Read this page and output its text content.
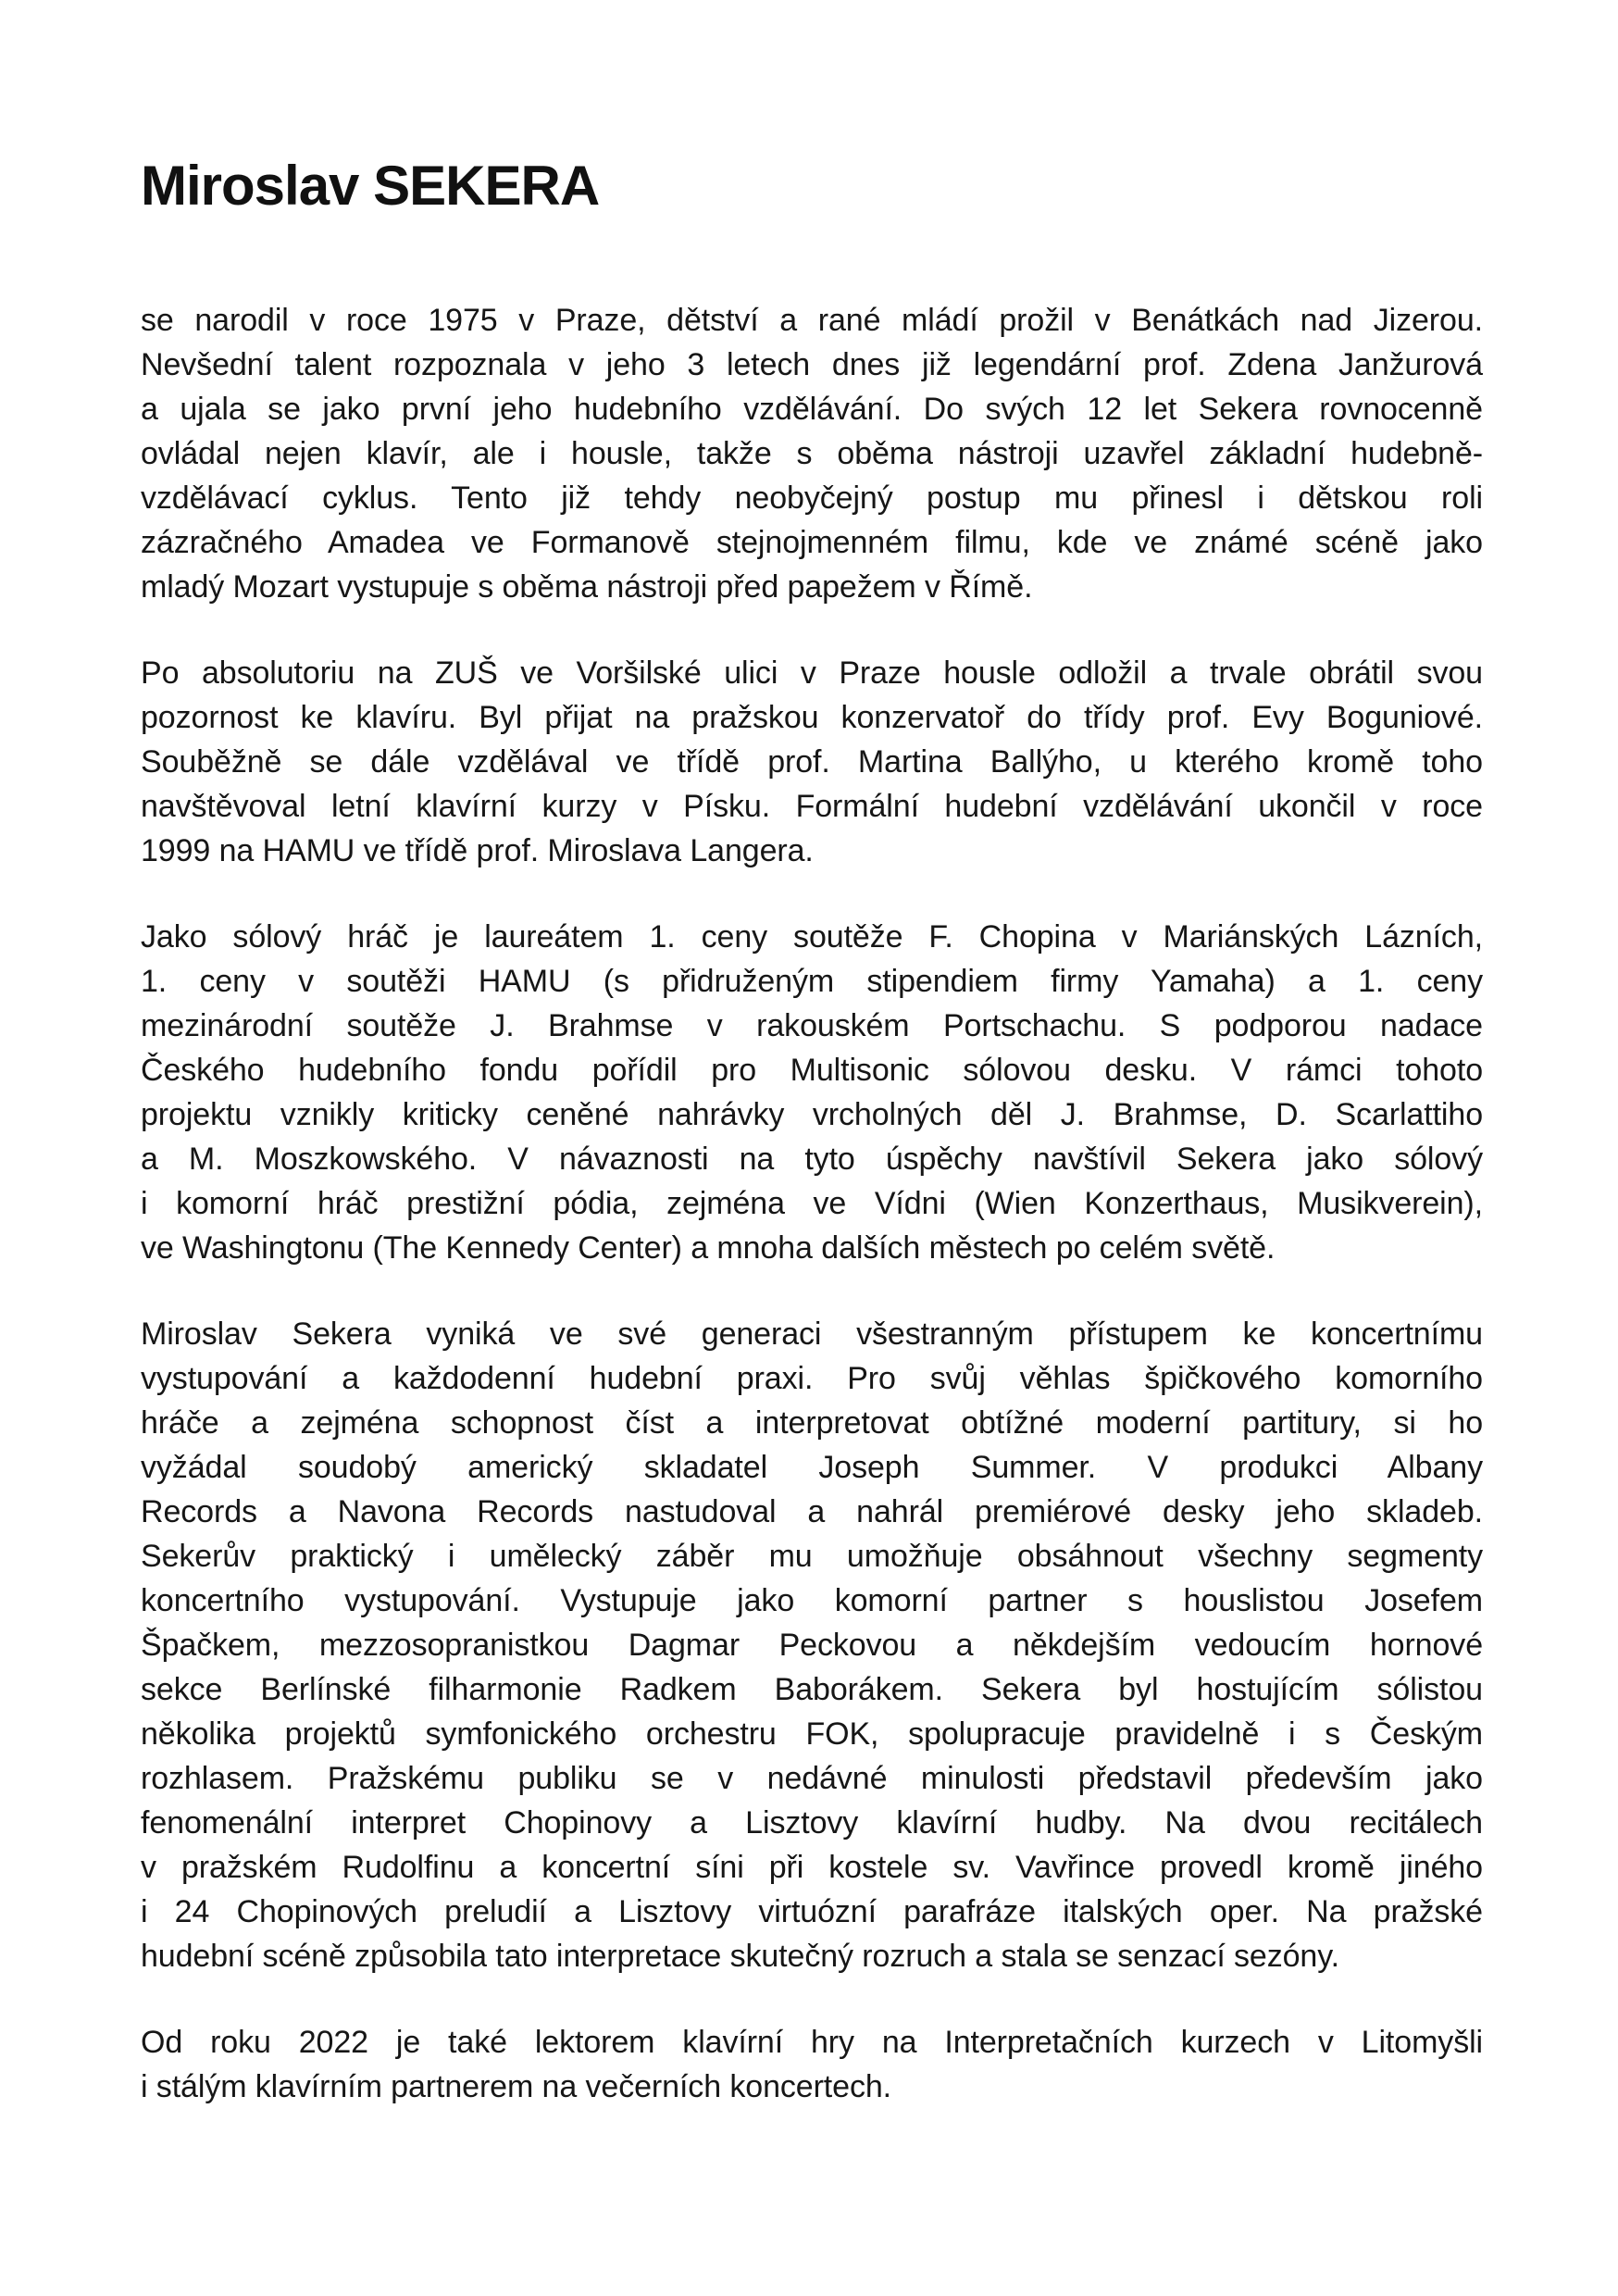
Miroslav SEKERA

se narodil v roce 1975 v Praze, dětství a rané mládí prožil v Benátkách nad Jizerou.
Nevšední talent rozpoznala v jeho 3 letech dnes již legendární prof. Zdena Janžurová
a ujala se jako první jeho hudebního vzdělávání. Do svých 12 let Sekera rovnocenně
ovládal nejen klavír, ale i housle, takže s oběma nástroji uzavřel základní hudebně-
vzdělávací cyklus. Tento již tehdy neobyčejný postup mu přinesl i dětskou roli
zázračného Amadea ve Formanově stejnojmenném filmu, kde ve známé scéně jako
mladý Mozart vystupuje s oběma nástroji před papežem v Římě.

Po absolutoriu na ZUŠ ve Voršilské ulici v Praze housle odložil a trvale obrátil svou
pozornost ke klavíru. Byl přijat na pražskou konzervatoř do třídy prof. Evy Boguniové.
Souběžně se dále vzdělával ve třídě prof. Martina Ballýho, u kterého kromě toho
navštěvoval letní klavírní kurzy v Písku. Formální hudební vzdělávání ukončil v roce
1999 na HAMU ve třídě prof. Miroslava Langera.

Jako sólový hráč je laureátem 1. ceny soutěže F. Chopina v Mariánských Lázních,
1. ceny v soutěži HAMU (s přidruženým stipendiem firmy Yamaha) a 1. ceny
mezinárodní soutěže J. Brahmse v rakouském Portschachu. S podporou nadace
Českého hudebního fondu pořídil pro Multisonic sólovou desku. V rámci tohoto
projektu vznikly kriticky ceněné nahrávky vrcholných děl J. Brahmse, D. Scarlattiho
a M. Moszkowského. V návaznosti na tyto úspěchy navštívil Sekera jako sólový
i komorní hráč prestižní pódia, zejména ve Vídni (Wien Konzerthaus, Musikverein),
ve Washingtonu (The Kennedy Center) a mnoha dalších městech po celém světě.

Miroslav Sekera vyniká ve své generaci všestranným přístupem ke koncertnímu
vystupování a každodenní hudební praxi. Pro svůj věhlas špičkového komorního
hráče a zejména schopnost číst a interpretovat obtížné moderní partitury, si ho
vyžádal soudobý americký skladatel Joseph Summer. V produkci Albany
Records a Navona Records nastudoval a nahrál premiérové desky jeho skladeb.
Sekerův praktický i umělecký záběr mu umožňuje obsáhnout všechny segmenty
koncertního vystupování. Vystupuje jako komorní partner s houslistou Josefem
Špačkem, mezzosopranistkou Dagmar Peckovou a někdejším vedoucím hornové
sekce Berlínské filharmonie Radkem Baborákem. Sekera byl hostujícím sólistou
několika projektů symfonického orchestru FOK, spolupracuje pravidelně i s Českým
rozhlasem. Pražskému publiku se v nedávné minulosti představil především jako
fenomenální interpret Chopinovy a Lisztovy klavírní hudby. Na dvou recitálech
v pražském Rudolfinu a koncertní síni při kostele sv. Vavřince provedl kromě jiného
i 24 Chopinových preludií a Lisztovy virtuózní parafráze italských oper. Na pražské
hudební scéně způsobila tato interpretace skutečný rozruch a stala se senzací sezóny.

Od roku 2022 je také lektorem klavírní hry na Interpretačních kurzech v Litomyšli
i stálým klavírním partnerem na večerních koncertech.
